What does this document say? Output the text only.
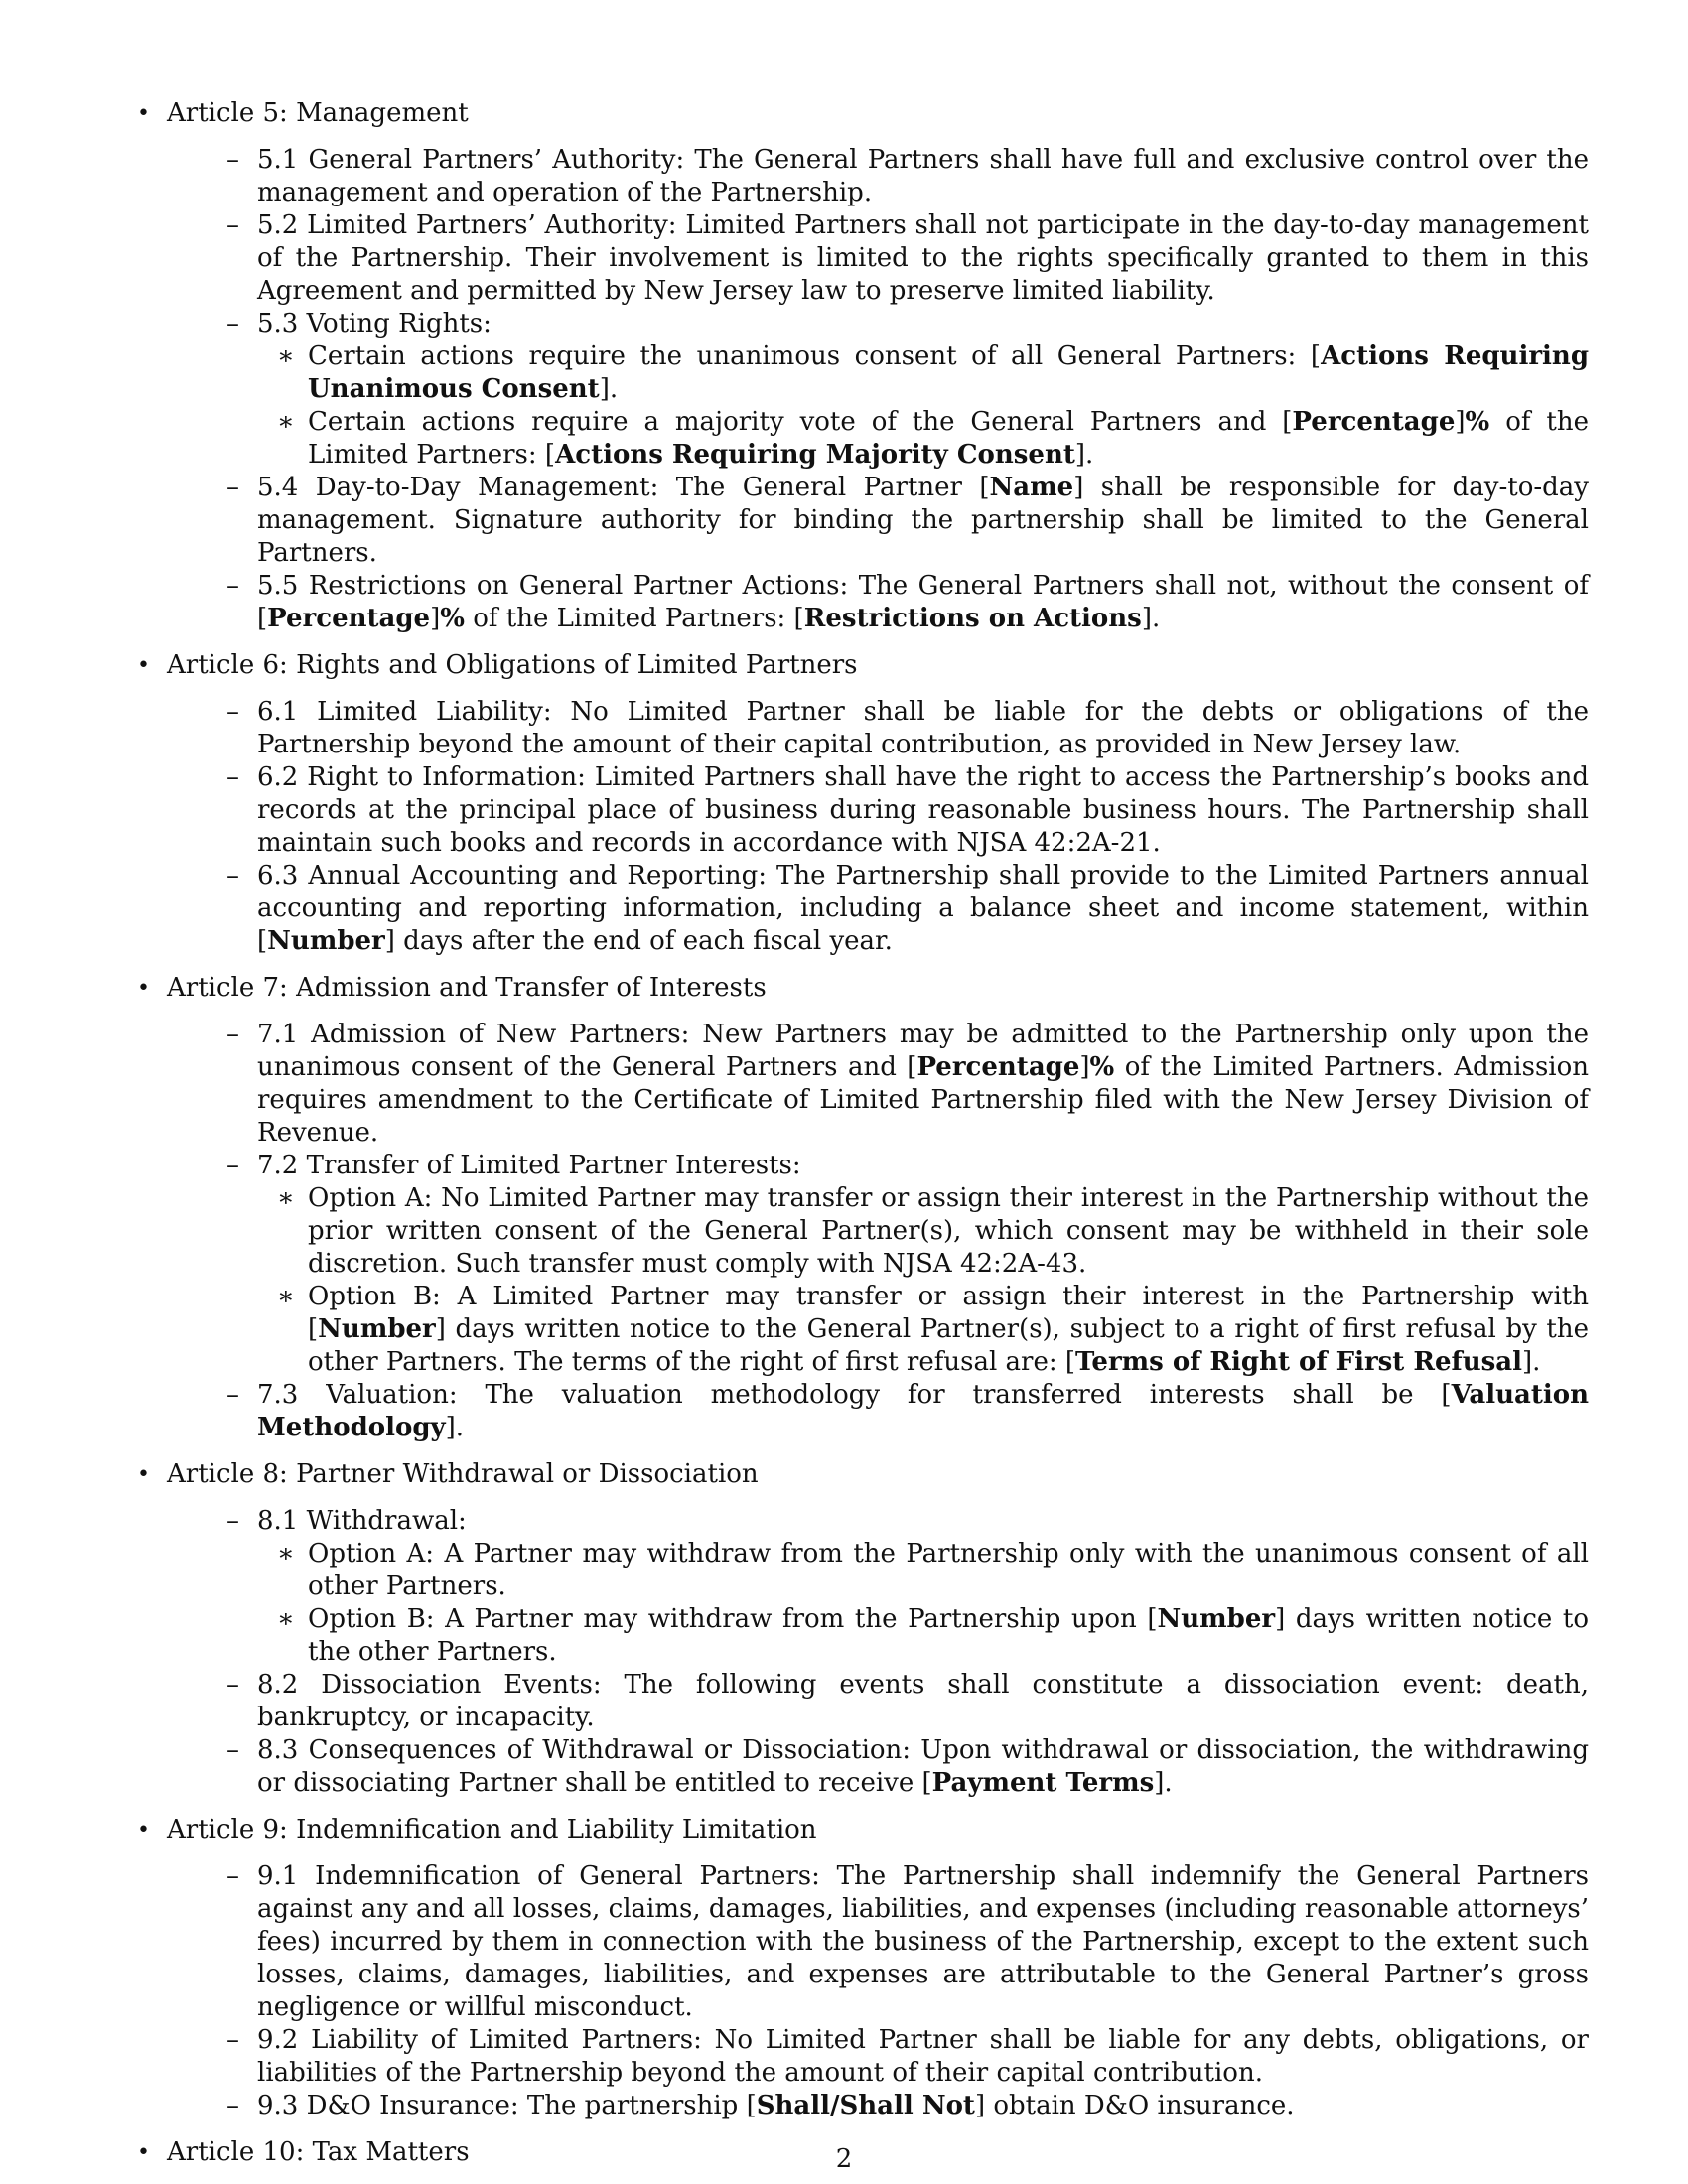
• Article 5: Management
– 5.1 General Partners’ Authority: The General Partners shall have full and exclusive control over the management and operation of the Partnership.
– 5.2 Limited Partners’ Authority: Limited Partners shall not participate in the day-to-day management of the Partnership. Their involvement is limited to the rights specifically granted to them in this Agreement and permitted by New Jersey law to preserve limited liability.
– 5.3 Voting Rights:
∗ Certain actions require the unanimous consent of all General Partners: [Actions Requiring Unanimous Consent].
∗ Certain actions require a majority vote of the General Partners and [Percentage]% of the Limited Partners: [Actions Requiring Majority Consent].
– 5.4 Day-to-Day Management: The General Partner [Name] shall be responsible for day-to-day management. Signature authority for binding the partnership shall be limited to the General Partners.
– 5.5 Restrictions on General Partner Actions: The General Partners shall not, without the consent of [Percentage]% of the Limited Partners: [Restrictions on Actions].
• Article 6: Rights and Obligations of Limited Partners
– 6.1 Limited Liability: No Limited Partner shall be liable for the debts or obligations of the Partnership beyond the amount of their capital contribution, as provided in New Jersey law.
– 6.2 Right to Information: Limited Partners shall have the right to access the Partnership’s books and records at the principal place of business during reasonable business hours. The Partnership shall maintain such books and records in accordance with NJSA 42:2A-21.
– 6.3 Annual Accounting and Reporting: The Partnership shall provide to the Limited Partners annual accounting and reporting information, including a balance sheet and income statement, within [Number] days after the end of each fiscal year.
• Article 7: Admission and Transfer of Interests
– 7.1 Admission of New Partners: New Partners may be admitted to the Partnership only upon the unanimous consent of the General Partners and [Percentage]% of the Limited Partners. Admission requires amendment to the Certificate of Limited Partnership filed with the New Jersey Division of Revenue.
– 7.2 Transfer of Limited Partner Interests:
∗ Option A: No Limited Partner may transfer or assign their interest in the Partnership without the prior written consent of the General Partner(s), which consent may be withheld in their sole discretion. Such transfer must comply with NJSA 42:2A-43.
∗ Option B: A Limited Partner may transfer or assign their interest in the Partnership with [Number] days written notice to the General Partner(s), subject to a right of first refusal by the other Partners. The terms of the right of first refusal are: [Terms of Right of First Refusal].
– 7.3 Valuation: The valuation methodology for transferred interests shall be [Valuation Methodology].
• Article 8: Partner Withdrawal or Dissociation
– 8.1 Withdrawal:
∗ Option A: A Partner may withdraw from the Partnership only with the unanimous consent of all other Partners.
∗ Option B: A Partner may withdraw from the Partnership upon [Number] days written notice to the other Partners.
– 8.2 Dissociation Events: The following events shall constitute a dissociation event: death, bankruptcy, or incapacity.
– 8.3 Consequences of Withdrawal or Dissociation: Upon withdrawal or dissociation, the withdrawing or dissociating Partner shall be entitled to receive [Payment Terms].
• Article 9: Indemnification and Liability Limitation
– 9.1 Indemnification of General Partners: The Partnership shall indemnify the General Partners against any and all losses, claims, damages, liabilities, and expenses (including reasonable attorneys’ fees) incurred by them in connection with the business of the Partnership, except to the extent such losses, claims, damages, liabilities, and expenses are attributable to the General Partner’s gross negligence or willful misconduct.
– 9.2 Liability of Limited Partners: No Limited Partner shall be liable for any debts, obligations, or liabilities of the Partnership beyond the amount of their capital contribution.
– 9.3 D&O Insurance: The partnership [Shall/Shall Not] obtain D&O insurance.
• Article 10: Tax Matters	2
